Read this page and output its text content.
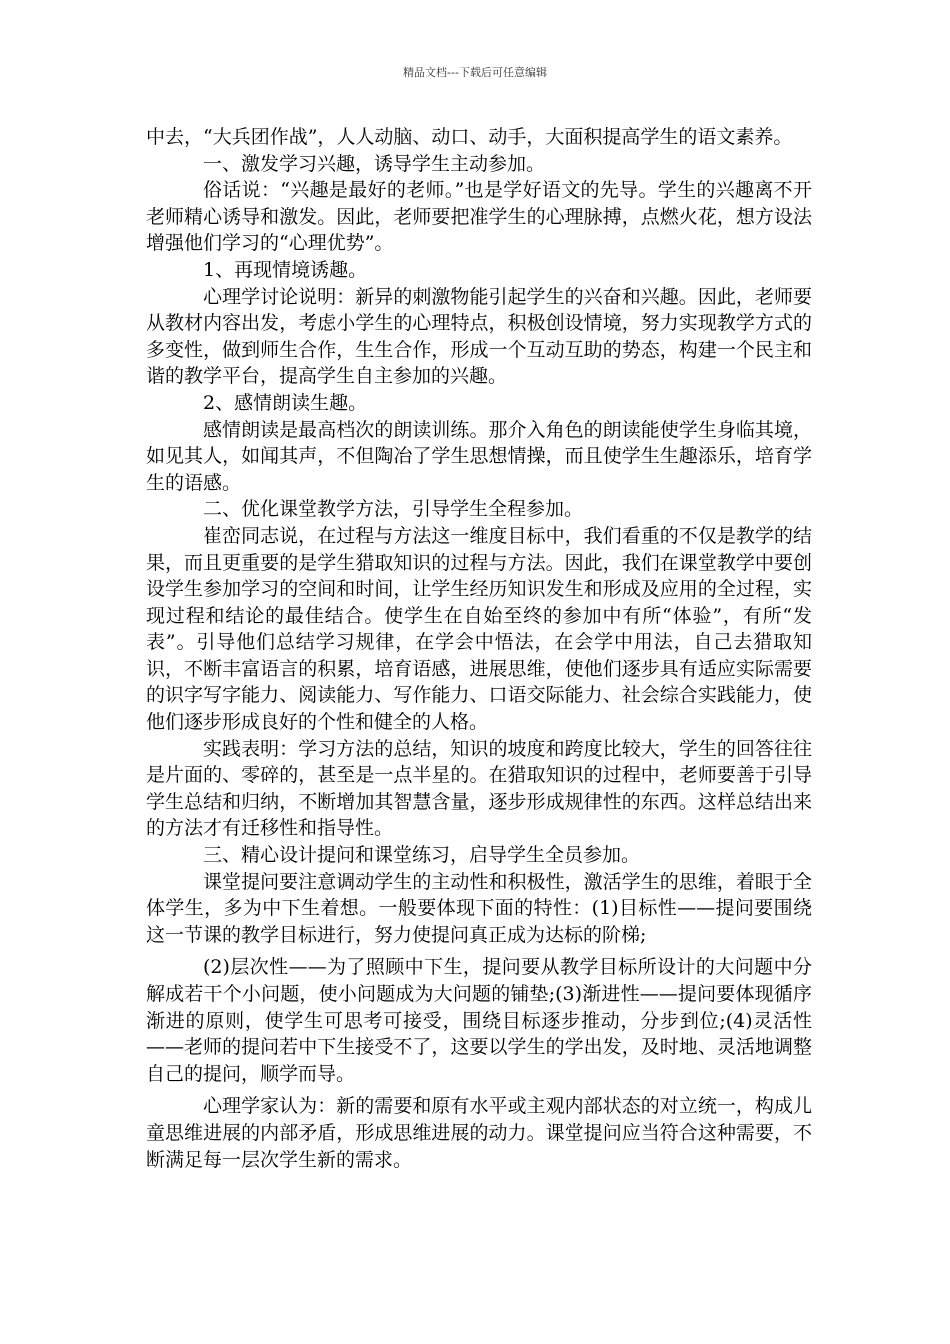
精品文档---下载后可任意编辑

中去，“大兵团作战”，人人动脑、动口、动手，大面积提高学生的语文素养。

一、激发学习兴趣，诱导学生主动参加。

俗话说：“兴趣是最好的老师。”也是学好语文的先导。学生的兴趣离不开老师精心诱导和激发。因此，老师要把准学生的心理脉搏，点燃火花，想方设法增强他们学习的“心理优势”。

1、再现情境诱趣。

心理学讨论说明：新异的刺激物能引起学生的兴奋和兴趣。因此，老师要从教材内容出发，考虑小学生的心理特点，积极创设情境，努力实现教学方式的多变性，做到师生合作，生生合作，形成一个互动互助的势态，构建一个民主和谐的教学平台，提高学生自主参加的兴趣。

2、感情朗读生趣。

感情朗读是最高档次的朗读训练。那介入角色的朗读能使学生身临其境，如见其人，如闻其声，不但陶冶了学生思想情操，而且使学生生趣添乐，培育学生的语感。

二、优化课堂教学方法，引导学生全程参加。

崔峦同志说，在过程与方法这一维度目标中，我们看重的不仅是教学的结果，而且更重要的是学生猎取知识的过程与方法。因此，我们在课堂教学中要创设学生参加学习的空间和时间，让学生经历知识发生和形成及应用的全过程，实现过程和结论的最佳结合。使学生在自始至终的参加中有所“体验”，有所“发表”。引导他们总结学习规律，在学会中悟法，在会学中用法，自己去猎取知识，不断丰富语言的积累，培育语感，进展思维，使他们逐步具有适应实际需要的识字写字能力、阅读能力、写作能力、口语交际能力、社会综合实践能力，使他们逐步形成良好的个性和健全的人格。

实践表明：学习方法的总结，知识的坡度和跨度比较大，学生的回答往往是片面的、零碎的，甚至是一点半星的。在猎取知识的过程中，老师要善于引导学生总结和归纳，不断增加其智慧含量，逐步形成规律性的东西。这样总结出来的方法才有迁移性和指导性。

三、精心设计提问和课堂练习，启导学生全员参加。

课堂提问要注意调动学生的主动性和积极性，激活学生的思维，着眼于全体学生，多为中下生着想。一般要体现下面的特性：(1)目标性——提问要围绕这一节课的教学目标进行，努力使提问真正成为达标的阶梯;

(2)层次性——为了照顾中下生，提问要从教学目标所设计的大问题中分解成若干个小问题，使小问题成为大问题的铺垫;(3)渐进性——提问要体现循序渐进的原则，使学生可思考可接受，围绕目标逐步推动，分步到位;(4)灵活性——老师的提问若中下生接受不了，这要以学生的学出发，及时地、灵活地调整自己的提问，顺学而导。

心理学家认为：新的需要和原有水平或主观内部状态的对立统一，构成儿童思维进展的内部矛盾，形成思维进展的动力。课堂提问应当符合这种需要，不断满足每一层次学生新的需求。
